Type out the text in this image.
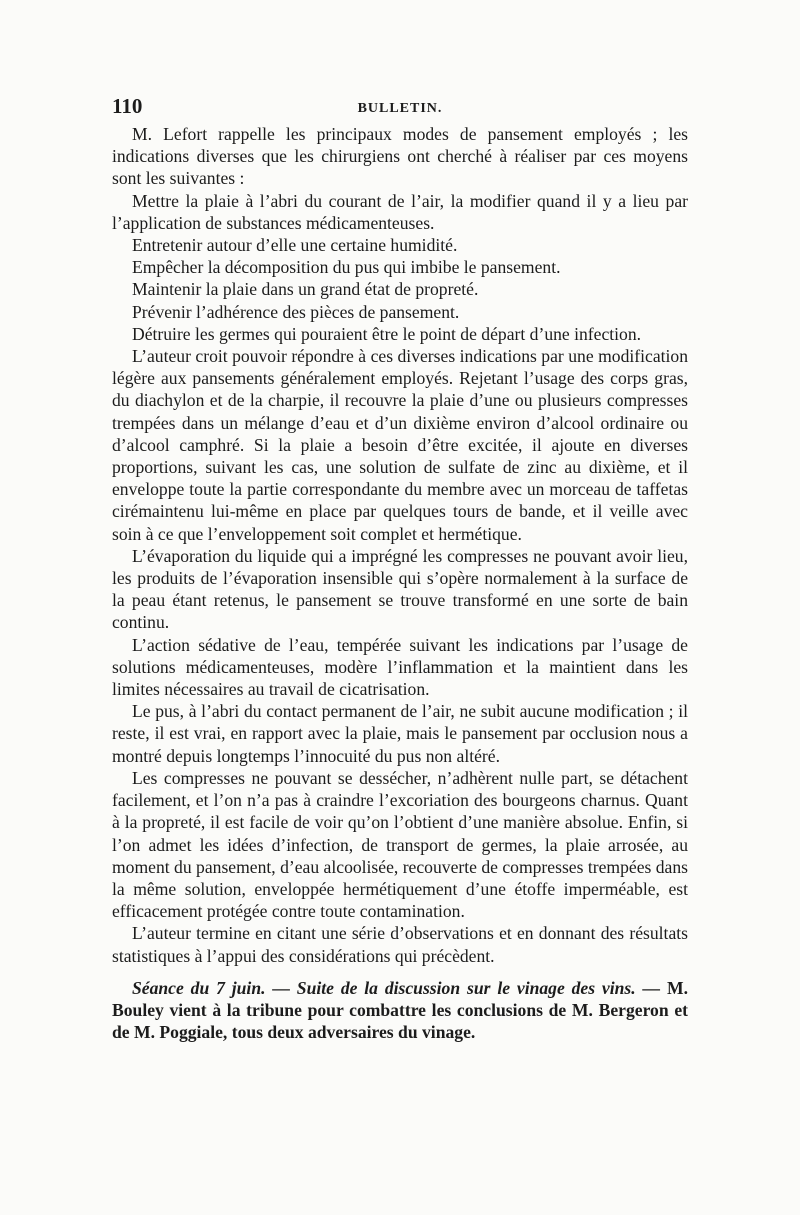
110	BULLETIN.

M. Lefort rappelle les principaux modes de pansement employés ; les indications diverses que les chirurgiens ont cherché à réaliser par ces moyens sont les suivantes :

Mettre la plaie à l’abri du courant de l’air, la modifier quand il y a lieu par l’application de substances médicamenteuses.

Entretenir autour d’elle une certaine humidité.

Empêcher la décomposition du pus qui imbibe le pansement.

Maintenir la plaie dans un grand état de propreté.

Prévenir l’adhérence des pièces de pansement.

Détruire les germes qui pouraient être le point de départ d’une infection.

L’auteur croit pouvoir répondre à ces diverses indications par une modification légère aux pansements généralement employés. Rejetant l’usage des corps gras, du diachylon et de la charpie, il recouvre la plaie d’une ou plusieurs compresses trempées dans un mélange d’eau et d’un dixième environ d’alcool ordinaire ou d’alcool camphré. Si la plaie a besoin d’être excitée, il ajoute en diverses proportions, suivant les cas, une solution de sulfate de zinc au dixième, et il enveloppe toute la partie correspondante du membre avec un morceau de taffetas cirémaintenu lui-même en place par quelques tours de bande, et il veille avec soin à ce que l’enveloppement soit complet et hermétique.

L’évaporation du liquide qui a imprégné les compresses ne pouvant avoir lieu, les produits de l’évaporation insensible qui s’opère normalement à la surface de la peau étant retenus, le pansement se trouve transformé en une sorte de bain continu.

L’action sédative de l’eau, tempérée suivant les indications par l’usage de solutions médicamenteuses, modère l’inflammation et la maintient dans les limites nécessaires au travail de cicatrisation.

Le pus, à l’abri du contact permanent de l’air, ne subit aucune modification ; il reste, il est vrai, en rapport avec la plaie, mais le pansement par occlusion nous a montré depuis longtemps l’innocuité du pus non altéré.

Les compresses ne pouvant se dessécher, n’adhèrent nulle part, se détachent facilement, et l’on n’a pas à craindre l’excoriation des bourgeons charnus. Quant à la propreté, il est facile de voir qu’on l’obtient d’une manière absolue. Enfin, si l’on admet les idées d’infection, de transport de germes, la plaie arrosée, au moment du pansement, d’eau alcoolisée, recouverte de compresses trempées dans la même solution, enveloppée hermétiquement d’une étoffe imperméable, est efficacement protégée contre toute contamination.

L’auteur termine en citant une série d’observations et en donnant des résultats statistiques à l’appui des considérations qui précèdent.

Séance du 7 juin. — Suite de la discussion sur le vinage des vins. — M. Bouley vient à la tribune pour combattre les conclusions de M. Bergeron et de M. Poggiale, tous deux adversaires du vinage.
